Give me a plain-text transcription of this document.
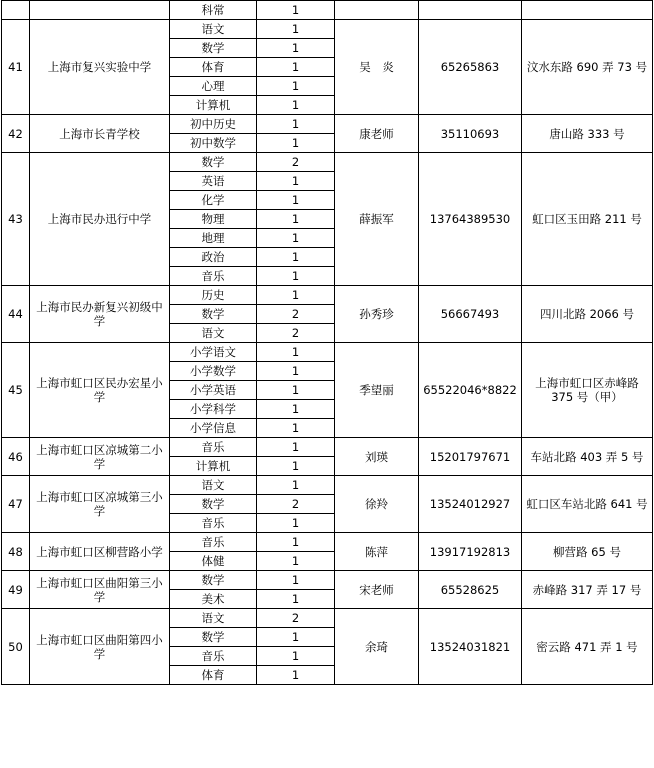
		科常	1			
41	上海市复兴实验中学	语文	1	吴　炎	65265863	汶水东路 690 弄 73 号
		数学	1			
		体育	1			
		心理	1			
		计算机	1			
42	上海市长青学校	初中历史	1	康老师	35110693	唐山路 333 号
		初中数学	1			
43	上海市民办迅行中学	数学	2	薛振军	13764389530	虹口区玉田路 211 号
		英语	1			
		化学	1			
		物理	1			
		地理	1			
		政治	1			
		音乐	1			
44	上海市民办新复兴初级中学	历史	1	孙秀珍	56667493	四川北路 2066 号
		数学	2			
		语文	2			
45	上海市虹口区民办宏星小学	小学语文	1	季望丽	65522046*8822	上海市虹口区赤峰路 375 号（甲）
		小学数学	1			
		小学英语	1			
		小学科学	1			
		小学信息	1			
46	上海市虹口区凉城第二小学	音乐	1	刘瑛	15201797671	车站北路 403 弄 5 号
		计算机	1			
47	上海市虹口区凉城第三小学	语文	1	徐羚	13524012927	虹口区车站北路 641 号
		数学	2			
		音乐	1			
48	上海市虹口区柳营路小学	音乐	1	陈萍	13917192813	柳营路 65 号
		体健	1			
49	上海市虹口区曲阳第三小学	数学	1	宋老师	65528625	赤峰路 317 弄 17 号
		美术	1			
50	上海市虹口区曲阳第四小学	语文	2	余琦	13524031821	密云路 471 弄 1 号
		数学	1			
		音乐	1			
		体育	1			
